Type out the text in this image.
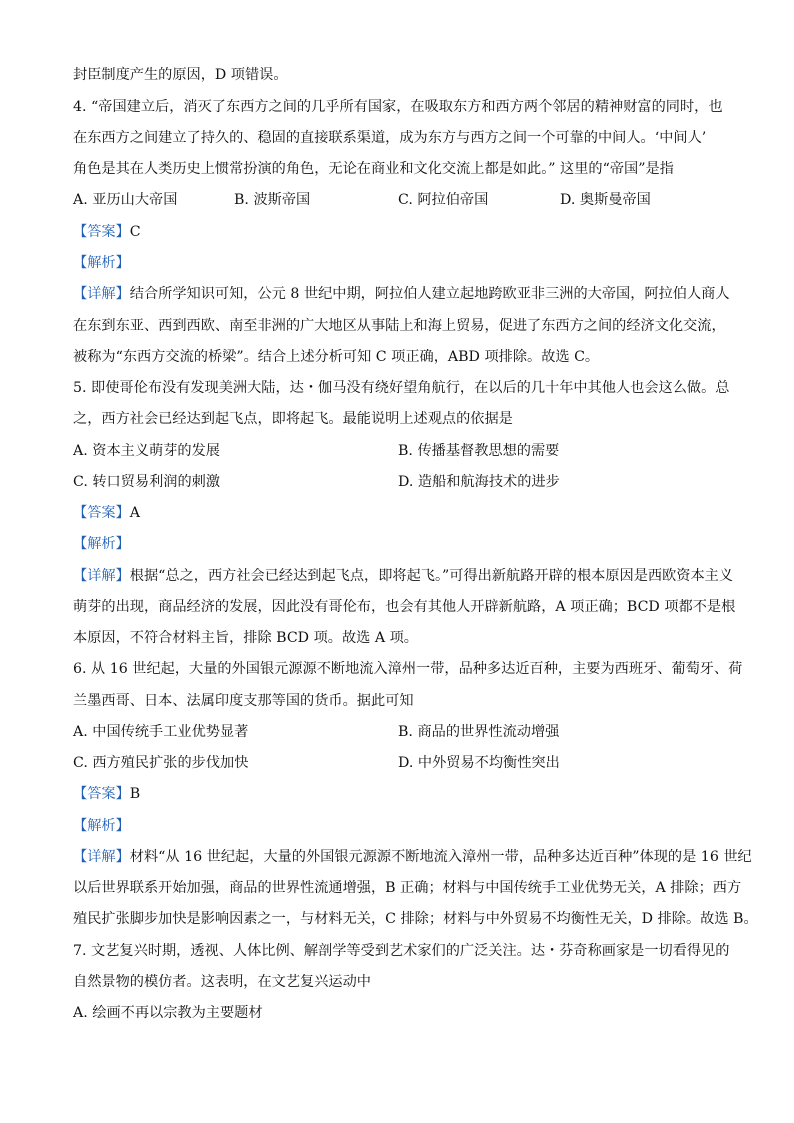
封臣制度产生的原因，D 项错误。
4. “帝国建立后，消灭了东西方之间的几乎所有国家，在吸取东方和西方两个邻居的精神财富的同时，也
在东西方之间建立了持久的、稳固的直接联系渠道，成为东方与西方之间一个可靠的中间人。‘中间人’
角色是其在人类历史上惯常扮演的角色，无论在商业和文化交流上都是如此。” 这里的“帝国”是指
A. 亚历山大帝国	B. 波斯帝国	C. 阿拉伯帝国	D. 奥斯曼帝国
【答案】C
【解析】
【详解】结合所学知识可知，公元 8 世纪中期，阿拉伯人建立起地跨欧亚非三洲的大帝国，阿拉伯人商人
在东到东亚、西到西欧、南至非洲的广大地区从事陆上和海上贸易，促进了东西方之间的经济文化交流，
被称为“东西方交流的桥梁”。结合上述分析可知 C 项正确，ABD 项排除。故选 C。
5. 即使哥伦布没有发现美洲大陆，达・伽马没有绕好望角航行，在以后的几十年中其他人也会这么做。总
之，西方社会已经达到起飞点，即将起飞。最能说明上述观点的依据是
A. 资本主义萌芽的发展	B. 传播基督教思想的需要
C. 转口贸易利润的刺激	D. 造船和航海技术的进步
【答案】A
【解析】
【详解】根据“总之，西方社会已经达到起飞点，即将起飞。”可得出新航路开辟的根本原因是西欧资本主义
萌芽的出现，商品经济的发展，因此没有哥伦布，也会有其他人开辟新航路，A 项正确；BCD 项都不是根
本原因，不符合材料主旨，排除 BCD 项。故选 A 项。
6. 从 16 世纪起，大量的外国银元源源不断地流入漳州一带，品种多达近百种，主要为西班牙、葡萄牙、荷
兰墨西哥、日本、法属印度支那等国的货币。据此可知
A. 中国传统手工业优势显著	B. 商品的世界性流动增强
C. 西方殖民扩张的步伐加快	D. 中外贸易不均衡性突出
【答案】B
【解析】
【详解】材料“从 16 世纪起，大量的外国银元源源不断地流入漳州一带，品种多达近百种”体现的是 16 世纪
以后世界联系开始加强，商品的世界性流通增强，B 正确；材料与中国传统手工业优势无关，A 排除；西方
殖民扩张脚步加快是影响因素之一，与材料无关，C 排除；材料与中外贸易不均衡性无关，D 排除。故选 B。
7. 文艺复兴时期，透视、人体比例、解剖学等受到艺术家们的广泛关注。达・芬奇称画家是一切看得见的
自然景物的模仿者。这表明，在文艺复兴运动中
A. 绘画不再以宗教为主要题材
